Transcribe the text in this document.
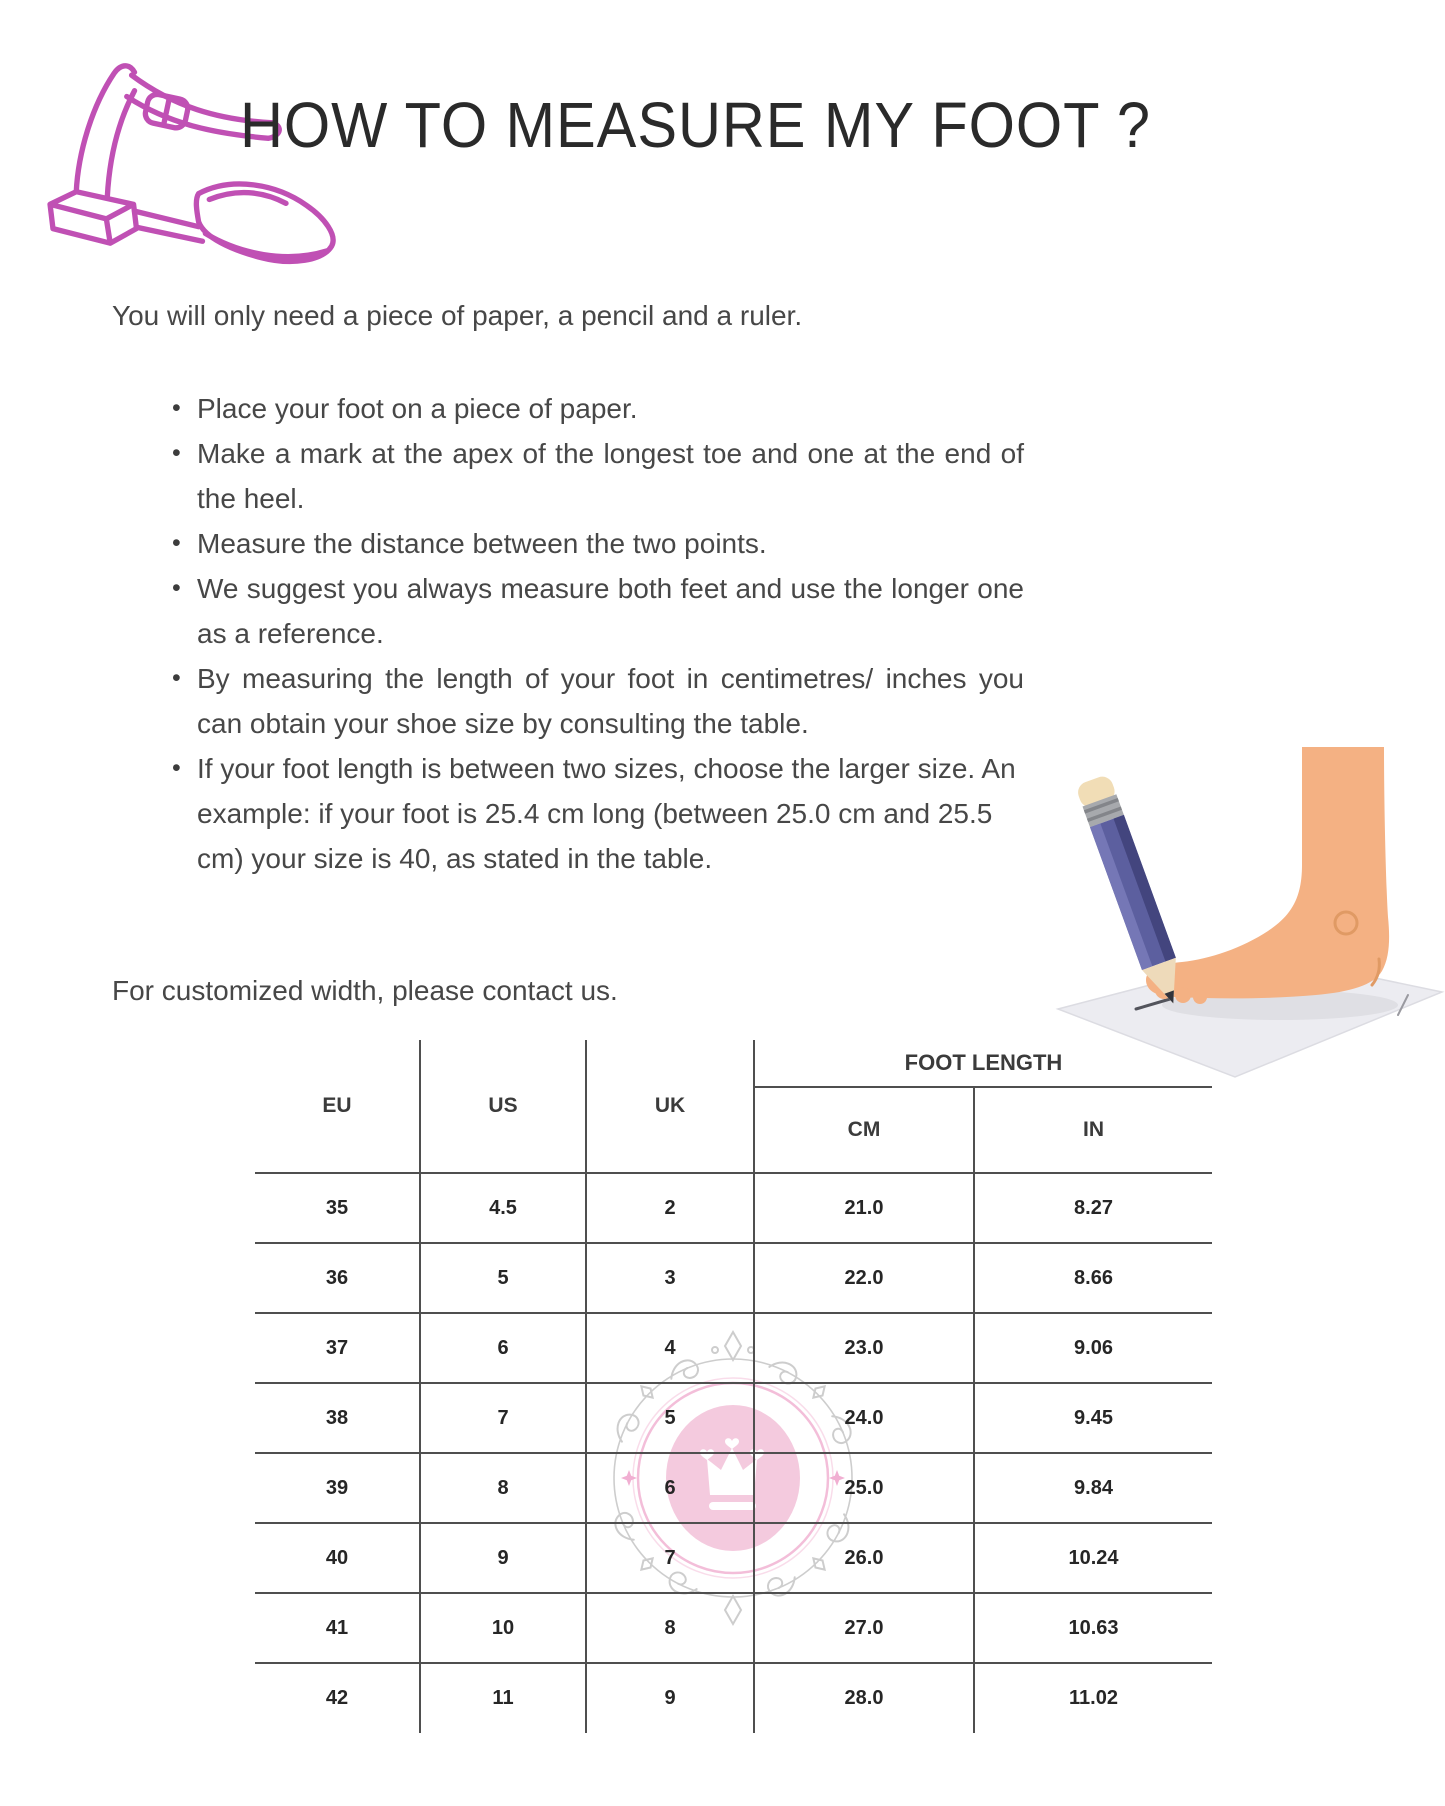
HOW TO MEASURE MY FOOT ?

You will only need a piece of paper, a pencil and a ruler.

• Place your foot on a piece of paper.
• Make a mark at the apex of the longest toe and one at the end of the heel.
• Measure the distance between the two points.
• We suggest you always measure both feet and use the longer one as a reference.
• By measuring the length of your foot in centimetres/ inches you can obtain your shoe size by consulting the table.
• If your foot length is between two sizes, choose the larger size. An example: if your foot is 25.4 cm long (between 25.0 cm and 25.5 cm) your size is 40, as stated in the table.

For customized width, please contact us.

EU	US	UK	FOOT LENGTH	
			CM	IN
35	4.5	2	21.0	8.27
36	5	3	22.0	8.66
37	6	4	23.0	9.06
38	7	5	24.0	9.45
39	8	6	25.0	9.84
40	9	7	26.0	10.24
41	10	8	27.0	10.63
42	11	9	28.0	11.02
